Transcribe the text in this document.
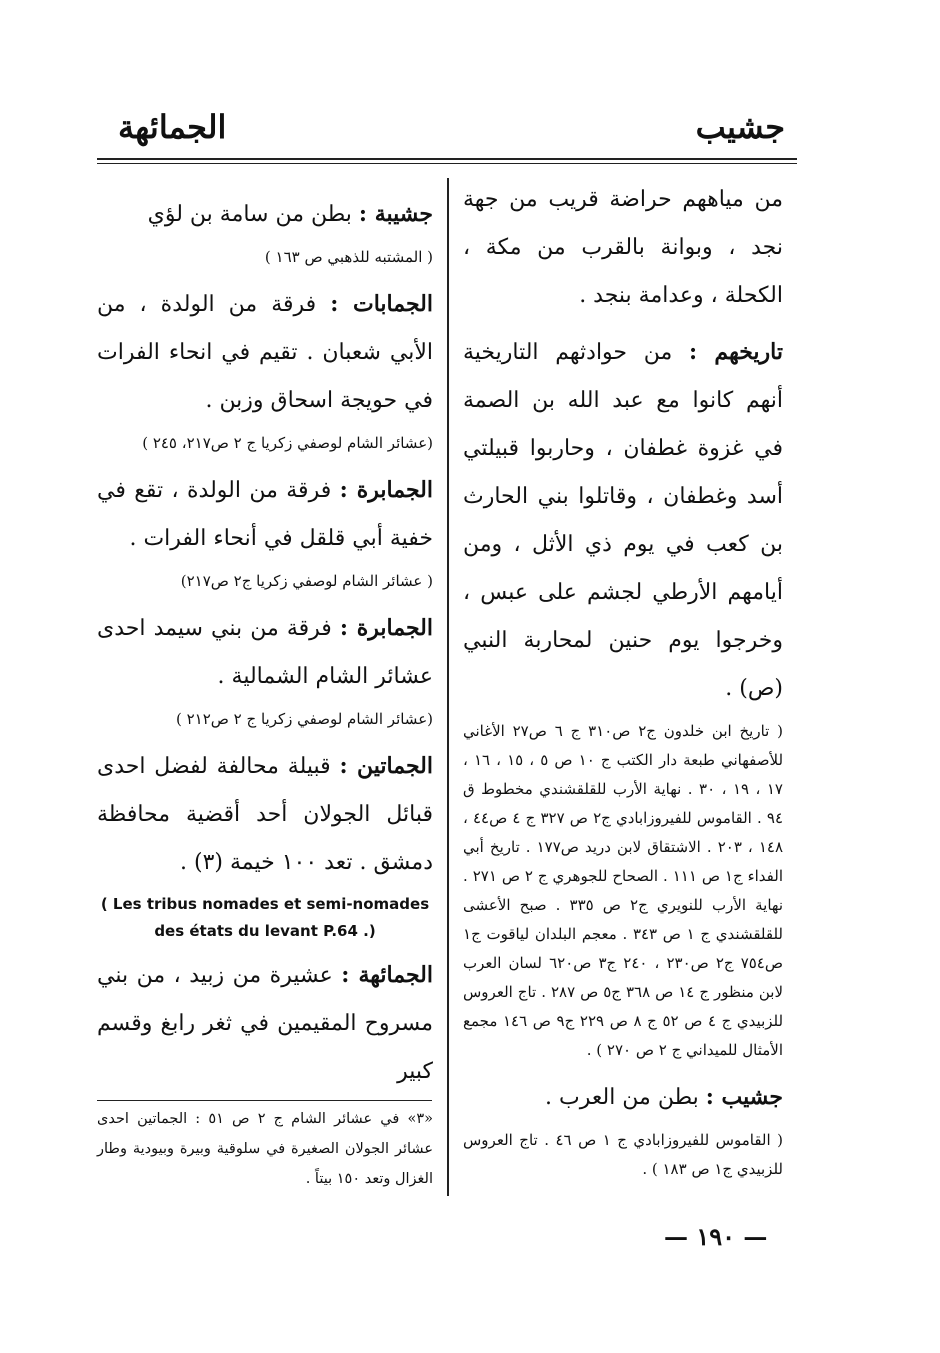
جشيب
الجمائهة

من مياههم حراضة قريب من جهة نجد ، وبوانة بالقرب من مكة ، الكحلة ، وعدامة بنجد .

تاريخهم : من حوادثهم التاريخية أنهم كانوا مع عبد الله بن الصمة في غزوة غطفان ، وحاربوا قبيلتي أسد وغطفان ، وقاتلوا بني الحارث بن كعب في يوم ذي الأثل ، ومن أيامهم الأرطي لجشم على عبس ، وخرجوا يوم حنين لمحاربة النبي (ص) .

( تاريخ ابن خلدون ج٢ ص٣١٠ ج ٦ ص٢٧ الأغاني للأصفهاني طبعة دار الكتب ج ١٠ ص ٥ ، ١٥ ، ١٦ ، ١٧ ، ١٩ ، ٣٠ . نهاية الأرب للقلقشندي مخطوط ق ٩٤ . القاموس للفيروزابادي ج٢ ص ٣٢٧ ج ٤ ص٤٤ ، ١٤٨ ، ٢٠٣ . الاشتقاق لابن دريد ص١٧٧ . تاريخ أبي الفداء ج١ ص ١١١ . الصحاح للجوهري ج ٢ ص ٢٧١ . نهاية الأرب للنويري ج٢ ص ٣٣٥ . صبح الأعشى للقلقشندي ج ١ ص ٣٤٣ . معجم البلدان لياقوت ج١ ص٧٥٤ ج٢ ص٢٣٠ ، ٢٤٠ ج٣ ص٦٢٠ لسان العرب لابن منظور ج ١٤ ص ٣٦٨ ج٥ ص ٢٨٧ . تاج العروس للزبيدي ج ٤ ص ٥٢ ج ٨ ص ٢٢٩ ج٩ ص ١٤٦ مجمع الأمثال للميداني ج ٢ ص ٢٧٠ ) .

جشيب : بطن من العرب .

( القاموس للفيروزابادي ج ١ ص ٤٦ . تاج العروس للزبيدي ج١ ص ١٨٣ ) .

جشيبة : بطن من سامة بن لؤي

( المشتبه للذهبي ص ١٦٣ )

الجمابات : فرقة من الولدة ، من الأبي شعبان . تقيم في انحاء الفرات في حويجة اسحاق وزبن .

(عشائر الشام لوصفي زكريا ج ٢ ص٢١٧، ٢٤٥ )

الجمابرة : فرقة من الولدة ، تقع في خفية أبي قلقل في أنحاء الفرات .

( عشائر الشام لوصفي زكريا ج٢ ص٢١٧)

الجمابرة : فرقة من بني سيمد احدى عشائر الشام الشمالية .

(عشائر الشام لوصفي زكريا ج ٢ ص٢١٢ )

الجماتين : قبيلة محالفة لفضل احدى قبائل الجولان أحد أقضية محافظة دمشق . تعد ١٠٠ خيمة (٣) .

( Les tribus nomades et semi-nomades des états du levant P.64 .)

الجمائهة : عشيرة من زبيد ، من بني مسروح المقيمين في ثغر رابغ وقسم كبير

«٣» في عشائر الشام ج ٢ ص ٥١ : الجماتين احدى عشائر الجولان الصغيرة في سلوقية وبيرة وبيودية وطار الغزال وتعد ١٥٠ بيتاً .
— ١٩٠ —
